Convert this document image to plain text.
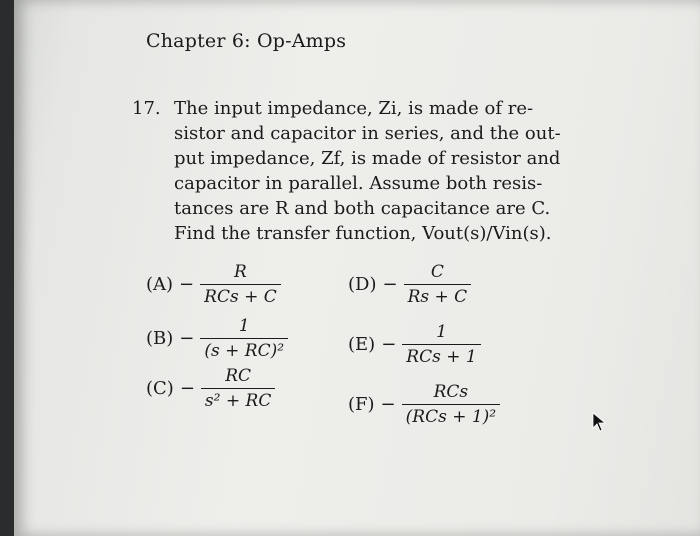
Chapter 6: Op-Amps
17. The input impedance, Zi, is made of re-
sistor and capacitor in series, and the out-
put impedance, Zf, is made of resistor and
capacitor in parallel. Assume both resis-
tances are R and both capacitance are C.
Find the transfer function, Vout(s)/Vin(s).
$(A) - \frac{R}{\text{RCs + C}}$
$(B) - \frac{1}{\text{(s + RC)²}}$
$(C) - \frac{RC}{\text{s² + RC}}$
$(D) - \frac{C}{Rs + C}$
$(E) - \frac{1}{\text{RCs + 1}}$
$(F) - \frac{\text{RCs}}{\text{(RCs + 1)²}}$
